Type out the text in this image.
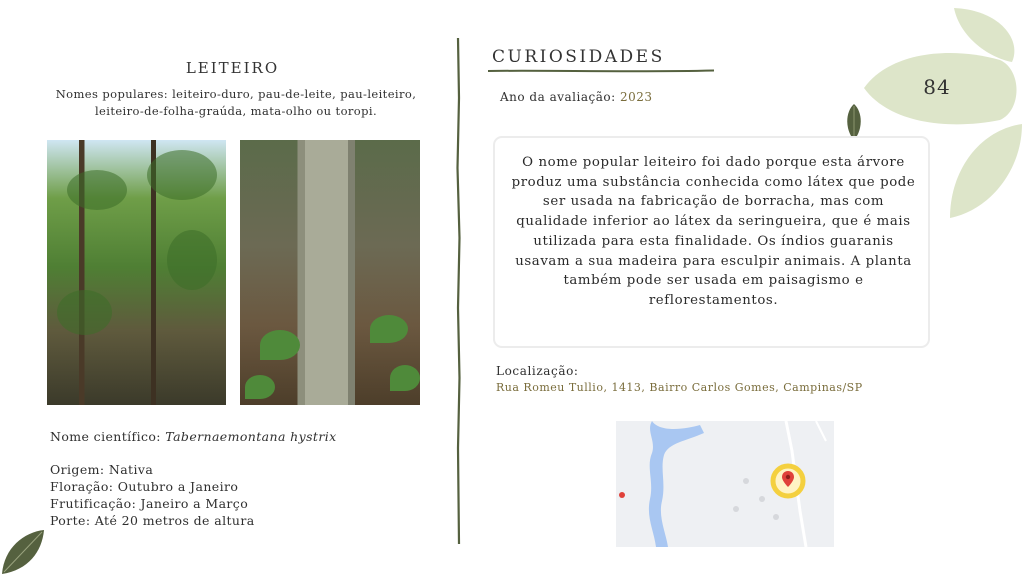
84
LEITEIRO
Nomes populares: leiteiro-duro, pau-de-leite, pau-leiteiro, leiteiro-de-folha-graúda, mata-olho ou toropi.
Nome científico: Tabernaemontana hystrix
Origem: Nativa
Floração: Outubro a Janeiro
Frutificação: Janeiro a Março
Porte: Até 20 metros de altura
CURIOSIDADES
Ano da avaliação: 2023

O nome popular leiteiro foi dado porque esta árvore produz uma substância conhecida como látex que pode ser usada na fabricação de borracha, mas com qualidade inferior ao látex da seringueira, que é mais utilizada para esta finalidade. Os índios guaranis usavam a sua madeira para esculpir animais. A planta também pode ser usada em paisagismo e reflorestamentos.

Localização:
Rua Romeu Tullio, 1413, Bairro Carlos Gomes, Campinas/SP
